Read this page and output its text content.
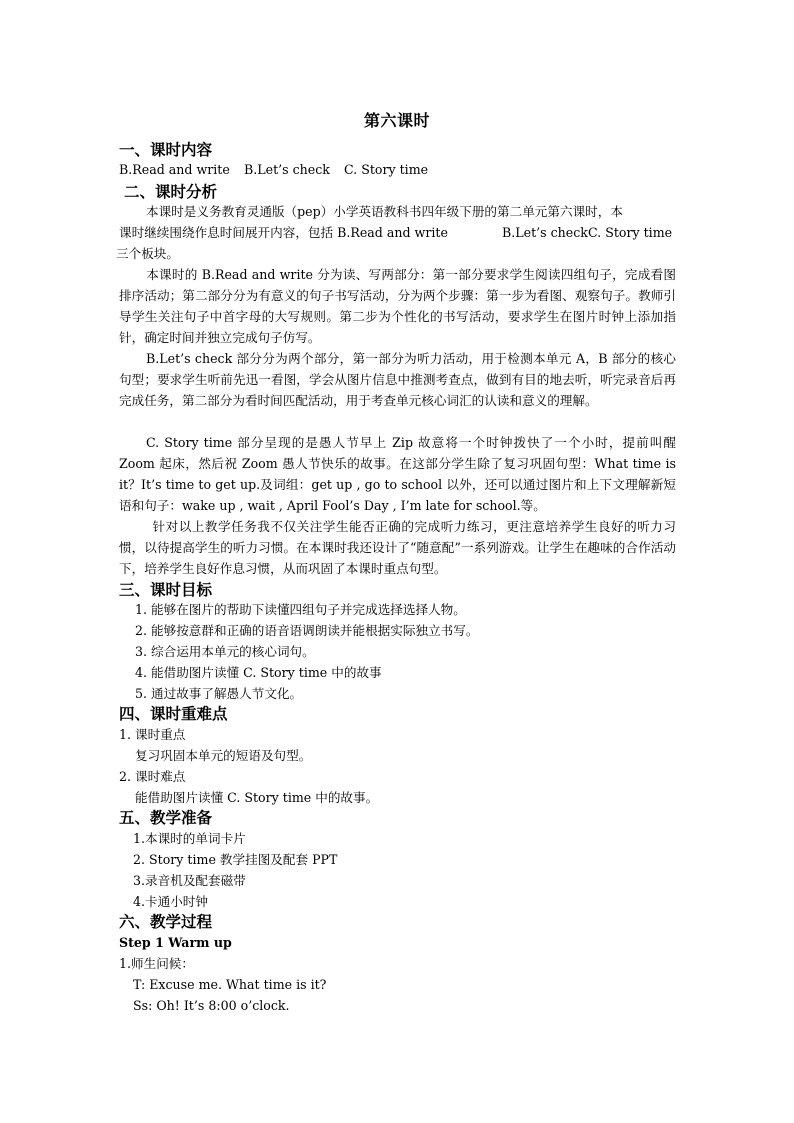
第六课时
一、课时内容
B.Read and write B.Let’s check C. Story time
二、课时分析
本课时是义务教育灵通版（pep）小学英语教科书四年级下册的第二单元第六课时，本
课时继续围绕作息时间展开内容，包括 B.Read and write	B.Let’s check C. Story time
三个板块。
本课时的 B.Read and write 分为读、写两部分：第一部分要求学生阅读四组句子，完成看图排序活动；第二部分分为有意义的句子书写活动，分为两个步骤：第一步为看图、观察句子。教师引导学生关注句子中首字母的大写规则。第二步为个性化的书写活动，要求学生在图片时钟上添加指针，确定时间并独立完成句子仿写。
B.Let’s check 部分分为两个部分，第一部分为听力活动，用于检测本单元 A，B 部分的核心句型；要求学生听前先迅一看图，学会从图片信息中推测考查点，做到有目的地去听，听完录音后再完成任务，第二部分为看时间匹配活动，用于考查单元核心词汇的认读和意义的理解。
C. Story time 部分呈现的是愚人节早上 Zip 故意将一个时钟拨快了一个小时，提前叫醒 Zoom 起床，然后祝 Zoom 愚人节快乐的故事。在这部分学生除了复习巩固句型：What time is it？It’s time to get up.及词组：get up , go to school 以外，还可以通过图片和上下文理解新短语和句子：wake up , wait , April Fool’s Day , I’m late for school.等。
针对以上教学任务我不仅关注学生能否正确的完成听力练习，更注意培养学生良好的听力习惯，以待提高学生的听力习惯。在本课时我还设计了“随意配”一系列游戏。让学生在趣味的合作活动下，培养学生良好作息习惯，从而巩固了本课时重点句型。
三、课时目标
1. 能够在图片的帮助下读懂四组句子并完成选择选择人物。
2. 能够按意群和正确的语音语调朗读并能根据实际独立书写。
3. 综合运用本单元的核心词句。
4. 能借助图片读懂 C. Story time 中的故事
5. 通过故事了解愚人节文化。
四、课时重难点
1. 课时重点
复习巩固本单元的短语及句型。
2. 课时难点
能借助图片读懂 C. Story time 中的故事。
五、教学准备
1.本课时的单词卡片
2. Story time 教学挂图及配套 PPT
3.录音机及配套磁带
4.卡通小时钟
六、教学过程
Step 1 Warm up
1.师生问候：
T: Excuse me. What time is it?
Ss: Oh! It’s 8:00 o’clock.
